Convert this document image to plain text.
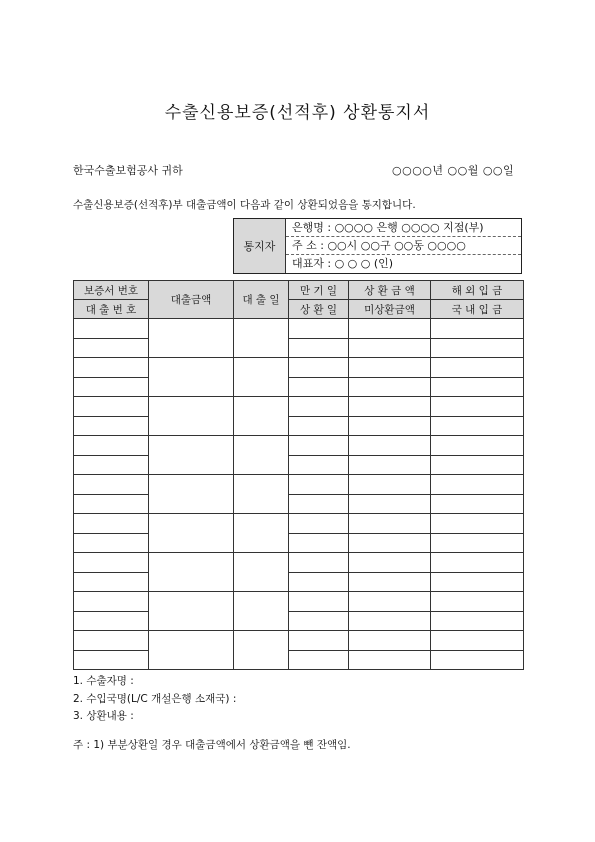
수출신용보증(선적후) 상환통지서
한국수출보험공사 귀하	○○○○년 ○○월 ○○일
수출신용보증(선적후)부 대출금액이 다음과 같이 상환되었음을 통지합니다.
통지자
은행명 : ○○○○ 은행 ○○○○ 지점(부)
주 소 : ○○시 ○○구 ○○동 ○○○○
대표자 : ○ ○ ○ (인)
보증서 번호	대출금액	대 출 일	만 기 일	상 환 금 액	해 외 입 금
대 출 번 호			상 환 일	미상환금액	국 내 입 금

1. 수출자명 :
2. 수입국명(L/C 개설은행 소재국) :
3. 상환내용 :
주 : 1) 부분상환일 경우 대출금액에서 상환금액을 뺀 잔액임.
